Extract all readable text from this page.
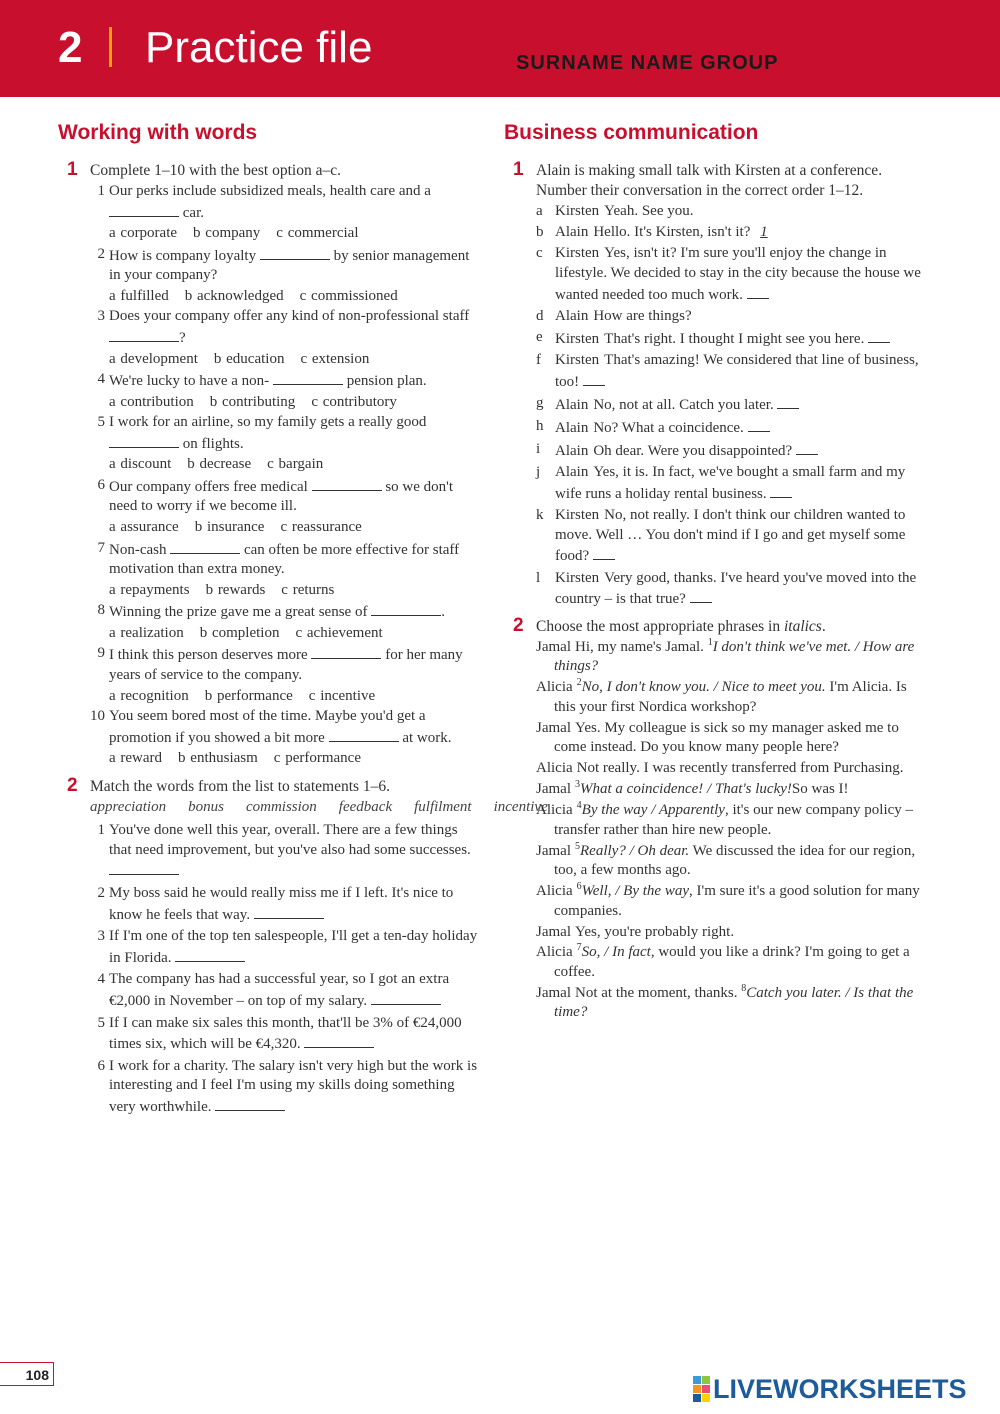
2 Practice file	SURNAME NAME GROUP
Working with words
1 Complete 1–10 with the best option a–c.
1 Our perks include subsidized meals, health care and a  car.
a corporate b company c commercial
2 How is company loyalty	by senior management in your company?
a fulfilled b acknowledged c commissioned
3 Does your company offer any kind of non-professional staff ?
a development b education c extension
4 We're lucky to have a non-	pension plan.
a contribution b contributing c contributory
5 I work for an airline, so my family gets a really good  on flights.
a discount b decrease c bargain
6 Our company offers free medical	so we don't need to worry if we become ill.
a assurance b insurance c reassurance
7 Non-cash	can often be more effective for staff motivation than extra money.
a repayments b rewards c returns
8 Winning the prize gave me a great sense of	.
a realization b completion c achievement
9 I think this person deserves more	for her many years of service to the company.
a recognition b performance c incentive
10 You seem bored most of the time. Maybe you'd get a promotion if you showed a bit more	at work.
a reward b enthusiasm c performance
2 Match the words from the list to statements 1–6.
appreciation bonus commission feedback fulfilment incentive
1 You've done well this year, overall. There are a few things that need improvement, but you've also had some successes.
2 My boss said he would really miss me if I left. It's nice to know he feels that way.
3 If I'm one of the top ten salespeople, I'll get a ten-day holiday in Florida.
4 The company has had a successful year, so I got an extra €2,000 in November – on top of my salary.
5 If I can make six sales this month, that'll be 3% of €24,000 times six, which will be €4,320.
6 I work for a charity. The salary isn't very high but the work is interesting and I feel I'm using my skills doing something very worthwhile.
Business communication
1 Alain is making small talk with Kirsten at a conference. Number their conversation in the correct order 1–12.
a Kirsten Yeah. See you.
b Alain Hello. It's Kirsten, isn't it? 1
c Kirsten Yes, isn't it? I'm sure you'll enjoy the change in lifestyle. We decided to stay in the city because the house we wanted needed too much work.
d Alain How are things?
e Kirsten That's right. I thought I might see you here.
f Kirsten That's amazing! We considered that line of business, too!
g Alain No, not at all. Catch you later.
h Alain No? What a coincidence.
i Alain Oh dear. Were you disappointed?
j Alain Yes, it is. In fact, we've bought a small farm and my wife runs a holiday rental business.
k Kirsten No, not really. I don't think our children wanted to move. Well … You don't mind if I go and get myself some food?
l Kirsten Very good, thanks. I've heard you've moved into the country – is that true?
2 Choose the most appropriate phrases in italics.
Jamal Hi, my name's Jamal. $^1$I don't think we've met. / How are things?
Alicia $^2$No, I don't know you. / Nice to meet you. I'm Alicia. Is this your first Nordica workshop?
Jamal Yes. My colleague is sick so my manager asked me to come instead. Do you know many people here?
Alicia Not really. I was recently transferred from Purchasing.
Jamal $^3$What a coincidence! / That's lucky!So was I!
Alicia $^4$By the way / Apparently, it's our new company policy – transfer rather than hire new people.
Jamal $^5$Really? / Oh dear. We discussed the idea for our region, too, a few months ago.
Alicia $^6$Well, / By the way, I'm sure it's a good solution for many companies.
Jamal Yes, you're probably right.
Alicia $^7$So, / In fact, would you like a drink? I'm going to get a coffee.
Jamal Not at the moment, thanks. $^8$Catch you later. / Is that the time?
108	LIVEWORKSHEETS
